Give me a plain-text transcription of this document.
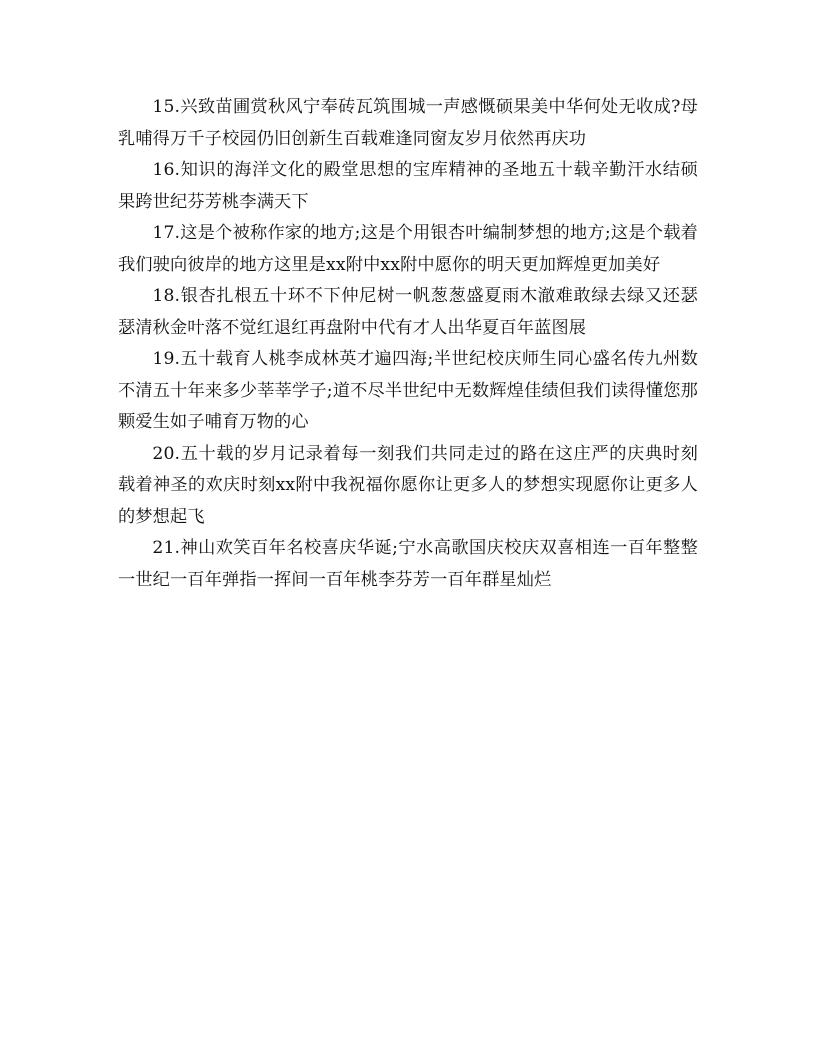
15.兴致苗圃赏秋风宁奉砖瓦筑围城一声感慨硕果美中华何处无收成?母乳哺得万千子校园仍旧创新生百载难逢同窗友岁月依然再庆功

16.知识的海洋文化的殿堂思想的宝库精神的圣地五十载辛勤汗水结硕果跨世纪芬芳桃李满天下

17.这是个被称作家的地方;这是个用银杏叶编制梦想的地方;这是个载着我们驶向彼岸的地方这里是xx附中xx附中愿你的明天更加辉煌更加美好

18.银杏扎根五十环不下仲尼树一帆葱葱盛夏雨木澈难敢绿去绿又还瑟瑟清秋金叶落不觉红退红再盘附中代有才人出华夏百年蓝图展

19.五十载育人桃李成林英才遍四海;半世纪校庆师生同心盛名传九州数不清五十年来多少莘莘学子;道不尽半世纪中无数辉煌佳绩但我们读得懂您那颗爱生如子哺育万物的心

20.五十载的岁月记录着每一刻我们共同走过的路在这庄严的庆典时刻载着神圣的欢庆时刻xx附中我祝福你愿你让更多人的梦想实现愿你让更多人的梦想起飞

21.神山欢笑百年名校喜庆华诞;宁水高歌国庆校庆双喜相连一百年整整一世纪一百年弹指一挥间一百年桃李芬芳一百年群星灿烂
